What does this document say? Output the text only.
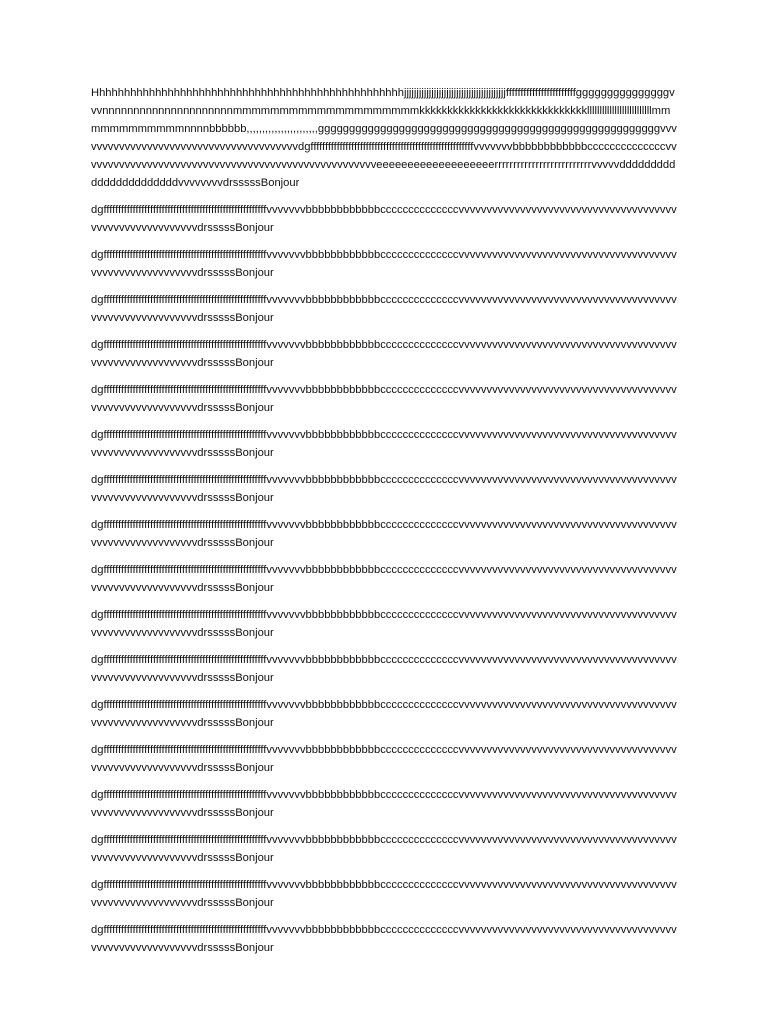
Hhhhhhhhhhhhhhhhhhhhhhhhhhhhhhhhhhhhhhhhhhhhhhhhhhjjjjjjjjjjjjjjjjjjjjjjjjjjjjjjjjjjjjjjjjjffffffffffffffffffffffffgggggggggggggggvvvnnnnnnnnnnnnnnnnnnnnnmmmmmmmmmmmmmmmmmmmmkkkkkkkkkkkkkkkkkkkkkkkkkkkkkkllllllllllllllllllllllllllmmmmmmmmmmmmnnnnbbbbbb,,,,,,,,,,,,,,,,,,,,,,,gggggggggggggggggggggggggggggggggggggggggggggggggggggggvvvvvvvvvvvvvvvvvvvvvvvvvvvvvvvvvvvvvvvvdgffffffffffffffffffffffffffffffffffffffffffffffffffffffffvvvvvvvbbbbbbbbbbbbccccccccccccccvvvvvvvvvvvvvvvvvvvvvvvvvvvvvvvvvvvvvvvvvvvvvvvvvvvvveeeeeeeeeeeeeeeeeeerrrrrrrrrrrrrrrrrrrrrrrrrrvvvvvdddddddddddddddddddddddvvvvvvvvdrsssssBonjour

dgffffffffffffffffffffffffffffffffffffffffffffffffffffffffvvvvvvvbbbbbbbbbbbbccccccccccccccvvvvvvvvvvvvvvvvvvvvvvvvvvvvvvvvvvvvvvvvvvvvvvvvvvvvvvvvvvdrsssssBonjour

dgffffffffffffffffffffffffffffffffffffffffffffffffffffffffvvvvvvvbbbbbbbbbbbbccccccccccccccvvvvvvvvvvvvvvvvvvvvvvvvvvvvvvvvvvvvvvvvvvvvvvvvvvvvvvvvvvdrsssssBonjour

dgffffffffffffffffffffffffffffffffffffffffffffffffffffffffvvvvvvvbbbbbbbbbbbbccccccccccccccvvvvvvvvvvvvvvvvvvvvvvvvvvvvvvvvvvvvvvvvvvvvvvvvvvvvvvvvvvdrsssssBonjour

dgffffffffffffffffffffffffffffffffffffffffffffffffffffffffvvvvvvvbbbbbbbbbbbbccccccccccccccvvvvvvvvvvvvvvvvvvvvvvvvvvvvvvvvvvvvvvvvvvvvvvvvvvvvvvvvvvdrsssssBonjour

dgffffffffffffffffffffffffffffffffffffffffffffffffffffffffvvvvvvvbbbbbbbbbbbbccccccccccccccvvvvvvvvvvvvvvvvvvvvvvvvvvvvvvvvvvvvvvvvvvvvvvvvvvvvvvvvvvdrsssssBonjour

dgffffffffffffffffffffffffffffffffffffffffffffffffffffffffvvvvvvvbbbbbbbbbbbbccccccccccccccvvvvvvvvvvvvvvvvvvvvvvvvvvvvvvvvvvvvvvvvvvvvvvvvvvvvvvvvvvdrsssssBonjour

dgffffffffffffffffffffffffffffffffffffffffffffffffffffffffvvvvvvvbbbbbbbbbbbbccccccccccccccvvvvvvvvvvvvvvvvvvvvvvvvvvvvvvvvvvvvvvvvvvvvvvvvvvvvvvvvvvdrsssssBonjour

dgffffffffffffffffffffffffffffffffffffffffffffffffffffffffvvvvvvvbbbbbbbbbbbbccccccccccccccvvvvvvvvvvvvvvvvvvvvvvvvvvvvvvvvvvvvvvvvvvvvvvvvvvvvvvvvvvdrsssssBonjour

dgffffffffffffffffffffffffffffffffffffffffffffffffffffffffvvvvvvvbbbbbbbbbbbbccccccccccccccvvvvvvvvvvvvvvvvvvvvvvvvvvvvvvvvvvvvvvvvvvvvvvvvvvvvvvvvvvdrsssssBonjour

dgffffffffffffffffffffffffffffffffffffffffffffffffffffffffvvvvvvvbbbbbbbbbbbbccccccccccccccvvvvvvvvvvvvvvvvvvvvvvvvvvvvvvvvvvvvvvvvvvvvvvvvvvvvvvvvvvdrsssssBonjour

dgffffffffffffffffffffffffffffffffffffffffffffffffffffffffvvvvvvvbbbbbbbbbbbbccccccccccccccvvvvvvvvvvvvvvvvvvvvvvvvvvvvvvvvvvvvvvvvvvvvvvvvvvvvvvvvvvdrsssssBonjour

dgffffffffffffffffffffffffffffffffffffffffffffffffffffffffvvvvvvvbbbbbbbbbbbbccccccccccccccvvvvvvvvvvvvvvvvvvvvvvvvvvvvvvvvvvvvvvvvvvvvvvvvvvvvvvvvvvdrsssssBonjour

dgffffffffffffffffffffffffffffffffffffffffffffffffffffffffvvvvvvvbbbbbbbbbbbbccccccccccccccvvvvvvvvvvvvvvvvvvvvvvvvvvvvvvvvvvvvvvvvvvvvvvvvvvvvvvvvvvdrsssssBonjour

dgffffffffffffffffffffffffffffffffffffffffffffffffffffffffvvvvvvvbbbbbbbbbbbbccccccccccccccvvvvvvvvvvvvvvvvvvvvvvvvvvvvvvvvvvvvvvvvvvvvvvvvvvvvvvvvvvdrsssssBonjour

dgffffffffffffffffffffffffffffffffffffffffffffffffffffffffvvvvvvvbbbbbbbbbbbbccccccccccccccvvvvvvvvvvvvvvvvvvvvvvvvvvvvvvvvvvvvvvvvvvvvvvvvvvvvvvvvvvdrsssssBonjour

dgffffffffffffffffffffffffffffffffffffffffffffffffffffffffvvvvvvvbbbbbbbbbbbbccccccccccccccvvvvvvvvvvvvvvvvvvvvvvvvvvvvvvvvvvvvvvvvvvvvvvvvvvvvvvvvvvdrsssssBonjour

dgffffffffffffffffffffffffffffffffffffffffffffffffffffffffvvvvvvvbbbbbbbbbbbbccccccccccccccvvvvvvvvvvvvvvvvvvvvvvvvvvvvvvvvvvvvvvvvvvvvvvvvvvvvvvvvvvdrsssssBonjour
